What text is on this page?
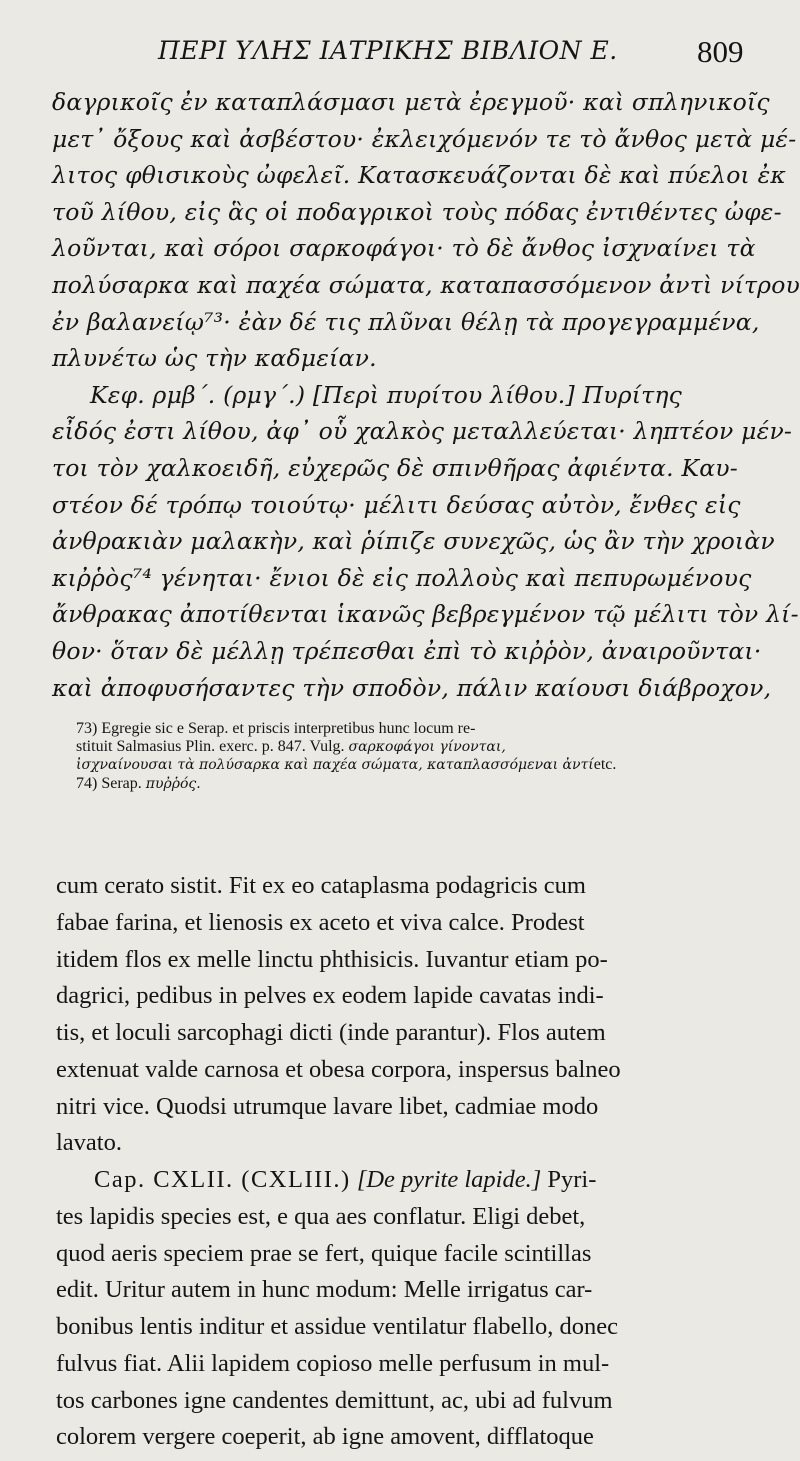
ΠΕΡΙ ΥΛΗΣ ΙΑΤΡΙΚΗΣ ΒΙΒΛΙΟΝ Ε.	809
δαγρικοῖς ἐν καταπλάσμασι μετὰ ἐρεγμοῦ· καὶ σπληνικοῖς
μετ᾽ ὄξους καὶ ἀσβέστου· ἐκλειχόμενόν τε τὸ ἄνθος μετὰ μέ-
λιτος φθισικοὺς ὠφελεῖ. Κατασκευάζονται δὲ καὶ πύελοι ἐκ
τοῦ λίθου, εἰς ἃς οἱ ποδαγρικοὶ τοὺς πόδας ἐντιθέντες ὠφε-
λοῦνται, καὶ σόροι σαρκοφάγοι· τὸ δὲ ἄνθος ἰσχναίνει τὰ
πολύσαρκα καὶ παχέα σώματα, καταπασσόμενον ἀντὶ νίτρου
ἐν βαλανείῳ⁷³· ἐὰν δέ τις πλῦναι θέλῃ τὰ προγεγραμμένα,
πλυνέτω ὡς τὴν καδμείαν.
Κεφ. ρμβ΄. (ρμγ΄.) [Περὶ πυρίτου λίθου.] Πυρίτης
εἶδός ἐστι λίθου, ἀφ᾽ οὗ χαλκὸς μεταλλεύεται· ληπτέον μέν-
τοι τὸν χαλκοειδῆ, εὐχερῶς δὲ σπινθῆρας ἀφιέντα. Καυ-
στέον δέ τρόπῳ τοιούτῳ· μέλιτι δεύσας αὐτὸν, ἔνθες εἰς
ἀνθρακιὰν μαλακὴν, καὶ ῥίπιζε συνεχῶς, ὡς ἂν τὴν χροιὰν
κιῤῥὸς⁷⁴ γένηται· ἔνιοι δὲ εἰς πολλοὺς καὶ πεπυρωμένους
ἄνθρακας ἀποτίθενται ἱκανῶς βεβρεγμένον τῷ μέλιτι τὸν λί-
θον· ὅταν δὲ μέλλῃ τρέπεσθαι ἐπὶ τὸ κιῤῥὸν, ἀναιροῦνται·
καὶ ἀποφυσήσαντες τὴν σποδὸν, πάλιν καίουσι διάβροχον,
73) Egregie sic e Serap. et priscis interpretibus hunc locum re-
stituit Salmasius Plin. exerc. p. 847. Vulg. σαρκοφάγοι γίνονται,
ἰσχναίνουσαι τὰ πολύσαρκα καὶ παχέα σώματα, καταπλασσόμεναι ἀντίetc.
74) Serap. πυῤῥός.
cum cerato sistit. Fit ex eo cataplasma podagricis cum
fabae farina, et lienosis ex aceto et viva calce. Prodest
itidem flos ex melle linctu phthisicis. Iuvantur etiam po-
dagrici, pedibus in pelves ex eodem lapide cavatas indi-
tis, et loculi sarcophagi dicti (inde parantur). Flos autem
extenuat valde carnosa et obesa corpora, inspersus balneo
nitri vice. Quodsi utrumque lavare libet, cadmiae modo
lavato.
Cap. CXLII. (CXLIII.) [De pyrite lapide.] Pyri-
tes lapidis species est, e qua aes conflatur. Eligi debet,
quod aeris speciem prae se fert, quique facile scintillas
edit. Uritur autem in hunc modum: Melle irrigatus car-
bonibus lentis inditur et assidue ventilatur flabello, donec
fulvus fiat. Alii lapidem copioso melle perfusum in mul-
tos carbones igne candentes demittunt, ac, ubi ad fulvum
colorem vergere coeperit, ab igne amovent, difflatoque
